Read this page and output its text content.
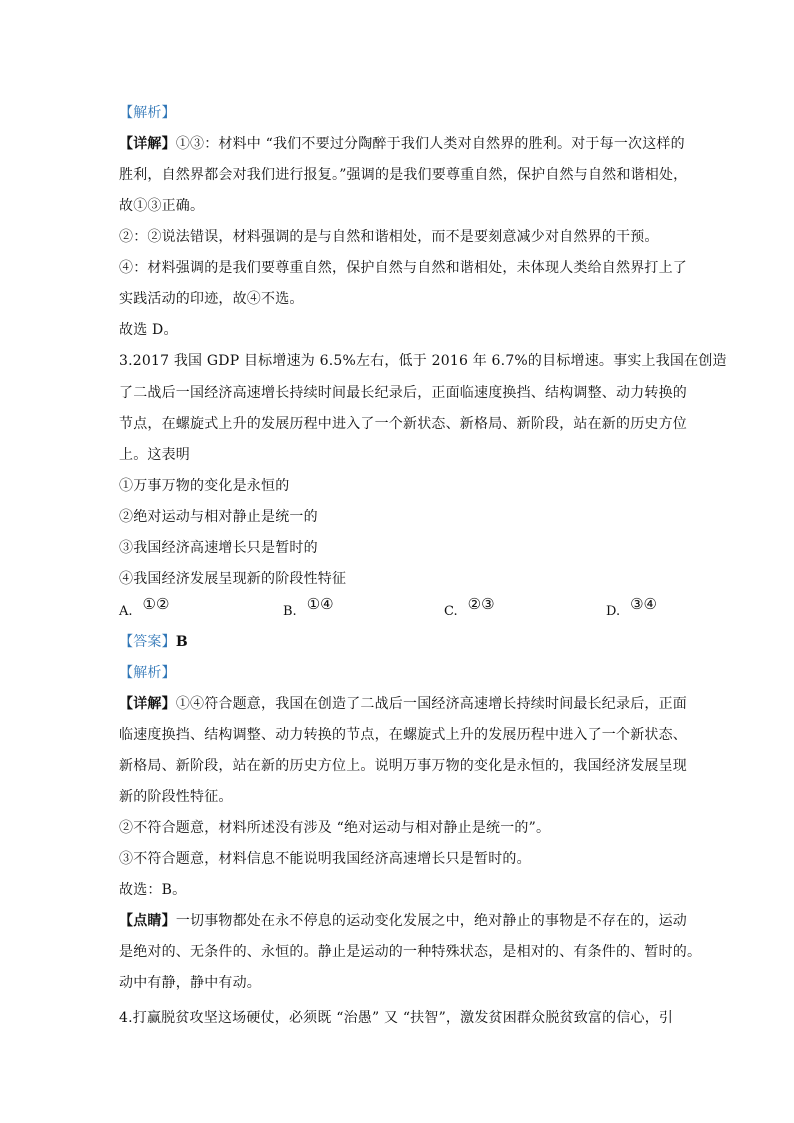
【解析】
【详解】①③：材料中 “我们不要过分陶醉于我们人类对自然界的胜利。对于每一次这样的
胜利，自然界都会对我们进行报复。”强调的是我们要尊重自然，保护自然与自然和谐相处，
故①③正确。
②：②说法错误，材料强调的是与自然和谐相处，而不是要刻意减少对自然界的干预。
④：材料强调的是我们要尊重自然，保护自然与自然和谐相处，未体现人类给自然界打上了
实践活动的印迹，故④不选。
故选 D。
3.2017 我国 GDP 目标增速为 6.5%左右，低于 2016 年 6.7%的目标增速。事实上我国在创造
了二战后一国经济高速增长持续时间最长纪录后，正面临速度换挡、结构调整、动力转换的
节点，在螺旋式上升的发展历程中进入了一个新状态、新格局、新阶段，站在新的历史方位
上。这表明
①万事万物的变化是永恒的
②绝对运动与相对静止是统一的
③我国经济高速增长只是暂时的
④我国经济发展呈现新的阶段性特征
A. ①②	B. ①④	C. ②③	D. ③④
【答案】B
【解析】
【详解】①④符合题意，我国在创造了二战后一国经济高速增长持续时间最长纪录后，正面
临速度换挡、结构调整、动力转换的节点，在螺旋式上升的发展历程中进入了一个新状态、
新格局、新阶段，站在新的历史方位上。说明万事万物的变化是永恒的，我国经济发展呈现
新的阶段性特征。
②不符合题意，材料所述没有涉及 “绝对运动与相对静止是统一的”。
③不符合题意，材料信息不能说明我国经济高速增长只是暂时的。
故选：B。
【点睛】一切事物都处在永不停息的运动变化发展之中，绝对静止的事物是不存在的，运动
是绝对的、无条件的、永恒的。静止是运动的一种特殊状态，是相对的、有条件的、暂时的。
动中有静，静中有动。
4.打赢脱贫攻坚这场硬仗，必须既 “治愚” 又 “扶智”，激发贫困群众脱贫致富的信心，引
